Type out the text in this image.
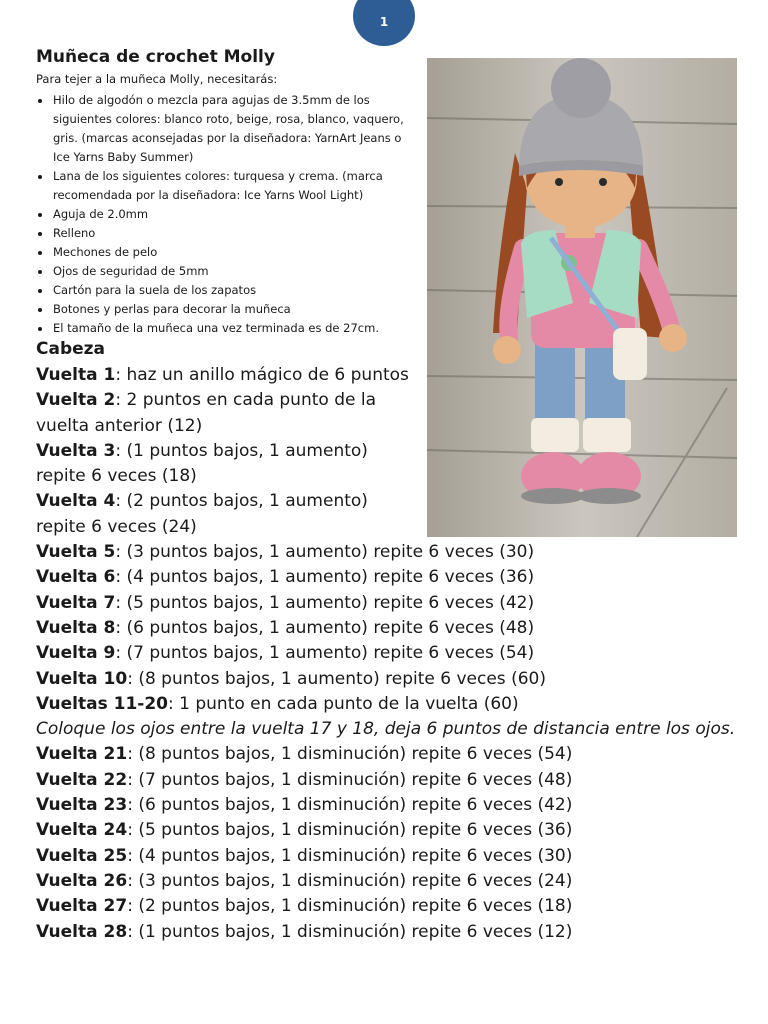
1
Muñeca de crochet Molly

Para tejer a la muñeca Molly, necesitarás:

Hilo de algodón o mezcla para agujas de 3.5mm de los siguientes colores: blanco roto, beige, rosa, blanco, vaquero, gris. (marcas aconsejadas por la diseñadora: YarnArt Jeans o Ice Yarns Baby Summer)
Lana de los siguientes colores: turquesa y crema. (marca recomendada por la diseñadora: Ice Yarns Wool Light)
Aguja de 2.0mm
Relleno
Mechones de pelo
Ojos de seguridad de 5mm
Cartón para la suela de los zapatos
Botones y perlas para decorar la muñeca
El tamaño de la muñeca una vez terminada es de 27cm.
Cabeza
Vuelta 1: haz un anillo mágico de 6 puntos
Vuelta 2: 2 puntos en cada punto de la vuelta anterior (12)
Vuelta 3: (1 puntos bajos, 1 aumento) repite 6 veces (18)
Vuelta 4: (2 puntos bajos, 1 aumento) repite 6 veces (24)
Vuelta 5: (3 puntos bajos, 1 aumento) repite 6 veces (30)
Vuelta 6: (4 puntos bajos, 1 aumento) repite 6 veces (36)
Vuelta 7: (5 puntos bajos, 1 aumento) repite 6 veces (42)
Vuelta 8: (6 puntos bajos, 1 aumento) repite 6 veces (48)
Vuelta 9: (7 puntos bajos, 1 aumento) repite 6 veces (54)
Vuelta 10: (8 puntos bajos, 1 aumento) repite 6 veces (60)
Vueltas 11-20: 1 punto en cada punto de la vuelta (60)
Coloque los ojos entre la vuelta 17 y 18, deja 6 puntos de distancia entre los ojos.
Vuelta 21: (8 puntos bajos, 1 disminución) repite 6 veces (54)
Vuelta 22: (7 puntos bajos, 1 disminución) repite 6 veces (48)
Vuelta 23: (6 puntos bajos, 1 disminución) repite 6 veces (42)
Vuelta 24: (5 puntos bajos, 1 disminución) repite 6 veces (36)
Vuelta 25: (4 puntos bajos, 1 disminución) repite 6 veces (30)
Vuelta 26: (3 puntos bajos, 1 disminución) repite 6 veces (24)
Vuelta 27: (2 puntos bajos, 1 disminución) repite 6 veces (18)
Vuelta 28: (1 puntos bajos, 1 disminución) repite 6 veces (12)
